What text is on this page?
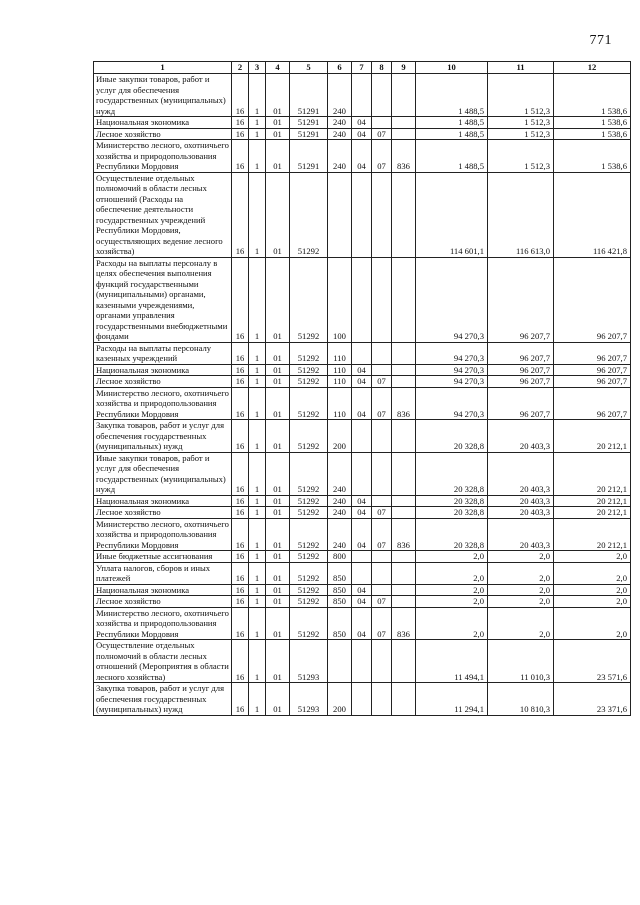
771
1	2	3	4	5	6	7	8	9	10	11	12
Иные закупки товаров, работ и услуг для обеспечения государственных (муниципальных) нужд	16	1	01	51291	240				1 488,5	1 512,3	1 538,6
Национальная экономика	16	1	01	51291	240	04			1 488,5	1 512,3	1 538,6
Лесное хозяйство	16	1	01	51291	240	04	07		1 488,5	1 512,3	1 538,6
Министерство лесного, охотничьего хозяйства и природопользования Республики Мордовия	16	1	01	51291	240	04	07	836	1 488,5	1 512,3	1 538,6
Осуществление отдельных полномочий в области лесных отношений (Расходы на обеспечение деятельности государственных учреждений Республики Мордовия, осуществляющих ведение лесного хозяйства)	16	1	01	51292					114 601,1	116 613,0	116 421,8
Расходы на выплаты персоналу в целях обеспечения выполнения функций государственными (муниципальными) органами, казенными учреждениями, органами управления государственными внебюджетными фондами	16	1	01	51292	100				94 270,3	96 207,7	96 207,7
Расходы на выплаты персоналу казенных учреждений	16	1	01	51292	110				94 270,3	96 207,7	96 207,7
Национальная экономика	16	1	01	51292	110	04			94 270,3	96 207,7	96 207,7
Лесное хозяйство	16	1	01	51292	110	04	07		94 270,3	96 207,7	96 207,7
Министерство лесного, охотничьего хозяйства и природопользования Республики Мордовия	16	1	01	51292	110	04	07	836	94 270,3	96 207,7	96 207,7
Закупка товаров, работ и услуг для обеспечения государственных (муниципальных) нужд	16	1	01	51292	200				20 328,8	20 403,3	20 212,1
Иные закупки товаров, работ и услуг для обеспечения государственных (муниципальных) нужд	16	1	01	51292	240				20 328,8	20 403,3	20 212,1
Национальная экономика	16	1	01	51292	240	04			20 328,8	20 403,3	20 212,1
Лесное хозяйство	16	1	01	51292	240	04	07		20 328,8	20 403,3	20 212,1
Министерство лесного, охотничьего хозяйства и природопользования Республики Мордовия	16	1	01	51292	240	04	07	836	20 328,8	20 403,3	20 212,1
Иные бюджетные ассигнования	16	1	01	51292	800				2,0	2,0	2,0
Уплата налогов, сборов и иных платежей	16	1	01	51292	850				2,0	2,0	2,0
Национальная экономика	16	1	01	51292	850	04			2,0	2,0	2,0
Лесное хозяйство	16	1	01	51292	850	04	07		2,0	2,0	2,0
Министерство лесного, охотничьего хозяйства и природопользования Республики Мордовия	16	1	01	51292	850	04	07	836	2,0	2,0	2,0
Осуществление отдельных полномочий в области лесных отношений (Мероприятия в области лесного хозяйства)	16	1	01	51293					11 494,1	11 010,3	23 571,6
Закупка товаров, работ и услуг для обеспечения государственных (муниципальных) нужд	16	1	01	51293	200				11 294,1	10 810,3	23 371,6
